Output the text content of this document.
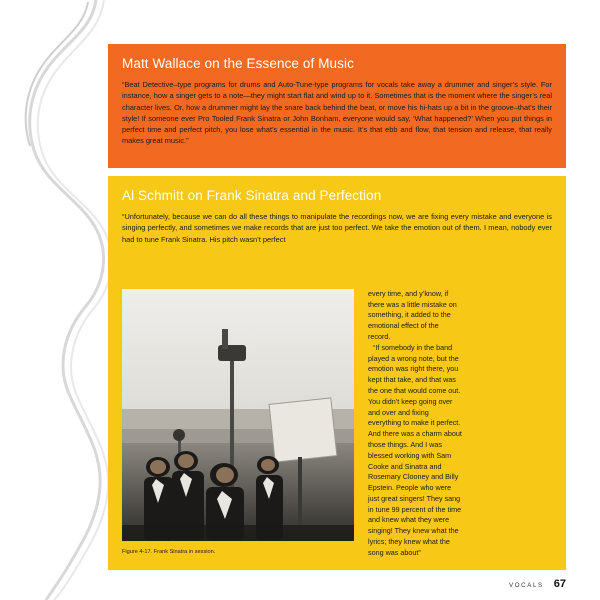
Matt Wallace on the Essence of Music
“Beat Detective–type programs for drums and Auto-Tune-type programs for vocals take away a drummer and singer’s style. For instance, how a singer gets to a note—they might start flat and wind up to it. Sometimes that is the moment where the singer’s real character lives. Or, how a drummer might lay the snare back behind the beat, or move his hi-hats up a bit in the groove–that’s their style! If someone ever Pro Tooled Frank Sinatra or John Bonham, everyone would say, ‘What happened?’ When you put things in perfect time and perfect pitch, you lose what’s essential in the music. It’s that ebb and flow, that tension and release, that really makes great music.”
Al Schmitt on Frank Sinatra and Perfection
“Unfortunately, because we can do all these things to manipulate the recordings now, we are fixing every mistake and everyone is singing perfectly, and sometimes we make records that are just too perfect. We take the emotion out of them. I mean, nobody ever had to tune Frank Sinatra. His pitch wasn’t perfect
Figure 4-17. Frank Sinatra in session.

every time, and y’know, if there was a little mistake on something, it added to the emotional effect of the record.

“If somebody in the band played a wrong note, but the emotion was right there, you kept that take, and that was the one that would come out. You didn’t keep going over and over and fixing everything to make it perfect. And there was a charm about those things. And I was blessed working with Sam Cooke and Sinatra and Rosemary Clooney and Billy Epstein. People who were just great singers! They sang in tune 99 percent of the time and knew what they were singing! They knew what the lyrics; they knew what the song was about”

VOCALS 67
